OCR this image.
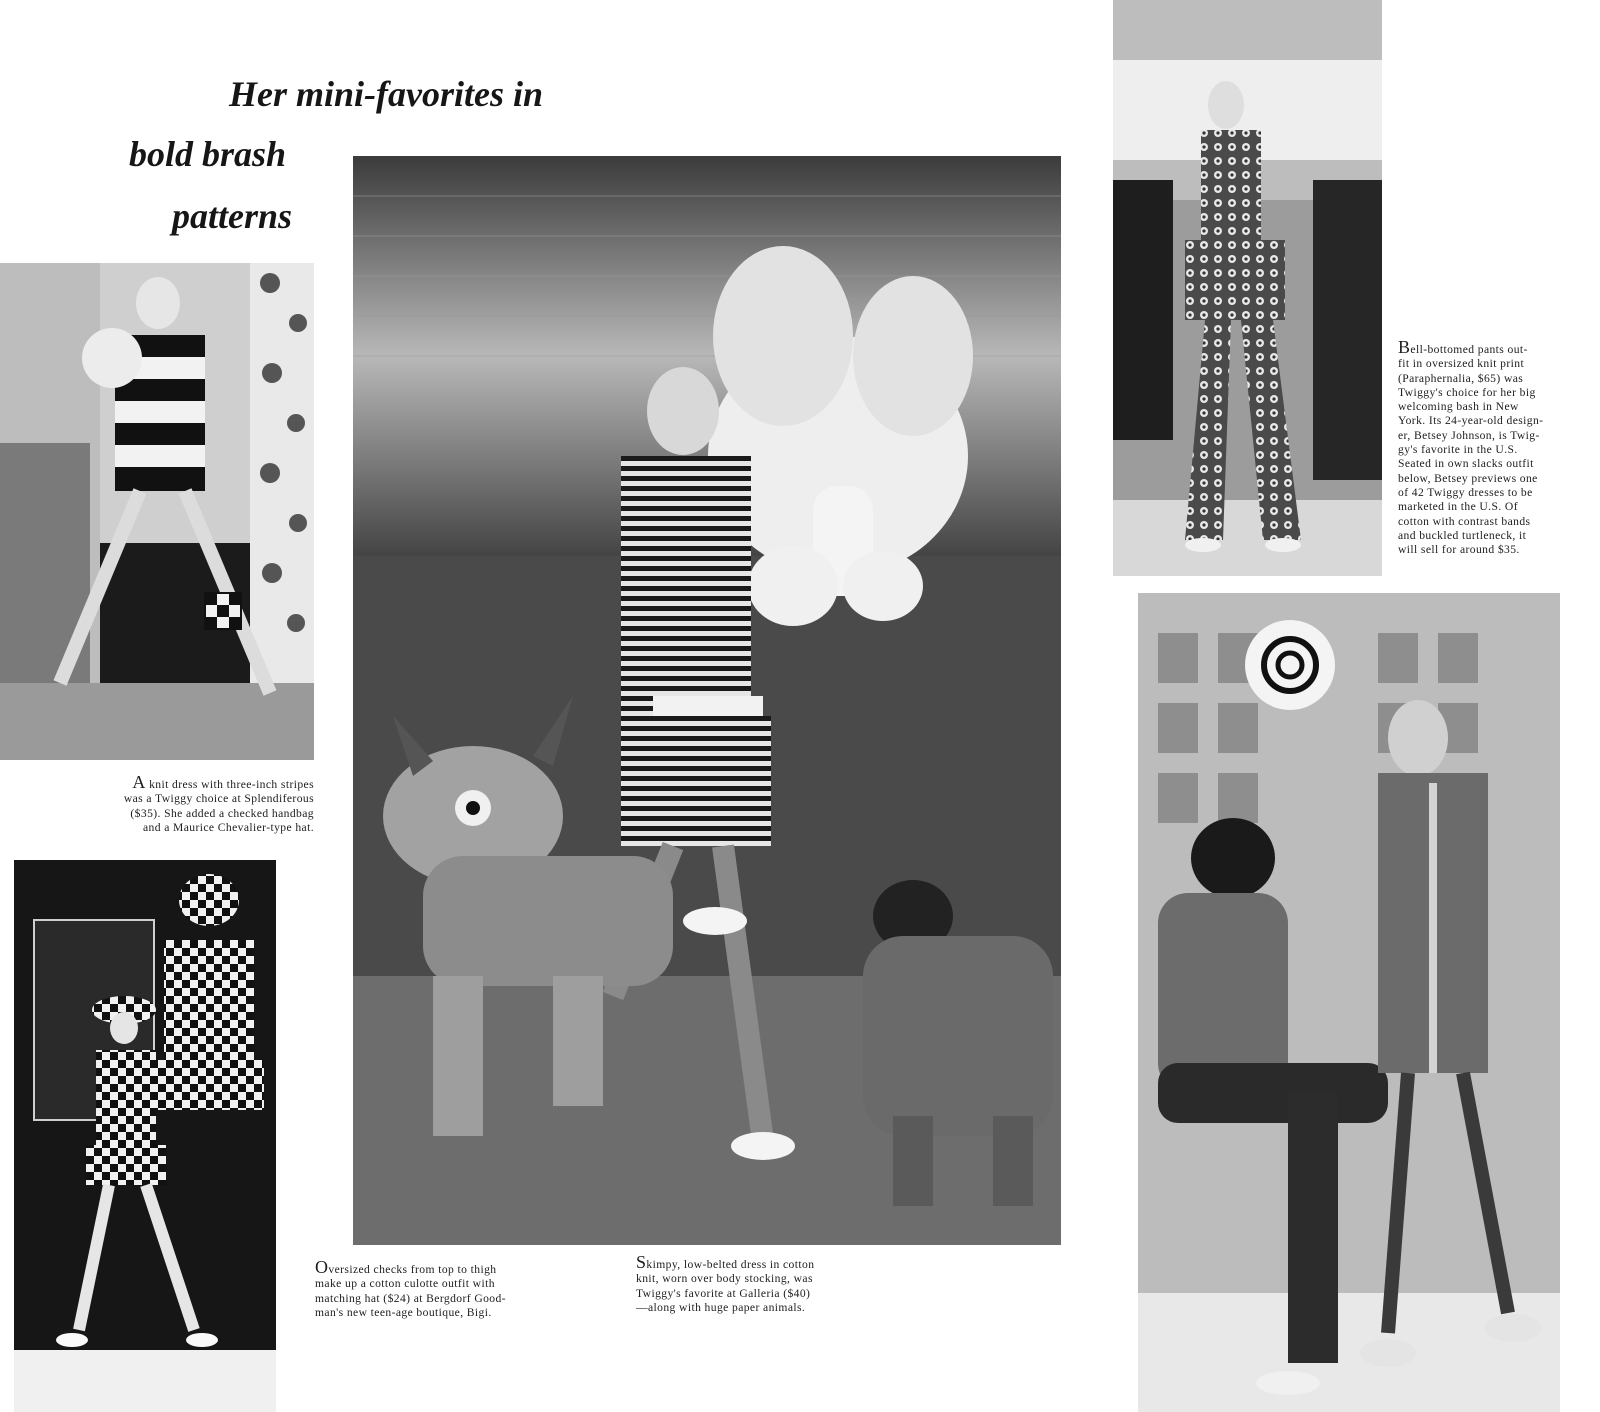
Her mini-favorites in
bold brash
patterns
A knit dress with three-inch stripes
was a Twiggy choice at Splendiferous
($35). She added a checked handbag
and a Maurice Chevalier-type hat.
Oversized checks from top to thigh
make up a cotton culotte outfit with
matching hat ($24) at Bergdorf Good-
man's new teen-age boutique, Bigi.
Skimpy, low-belted dress in cotton
knit, worn over body stocking, was
Twiggy's favorite at Galleria ($40)
—along with huge paper animals.
Bell-bottomed pants out-
fit in oversized knit print
(Paraphernalia, $65) was
Twiggy's choice for her big
welcoming bash in New
York. Its 24-year-old design-
er, Betsey Johnson, is Twig-
gy's favorite in the U.S.
Seated in own slacks outfit
below, Betsey previews one
of 42 Twiggy dresses to be
marketed in the U.S. Of
cotton with contrast bands
and buckled turtleneck, it
will sell for around $35.
